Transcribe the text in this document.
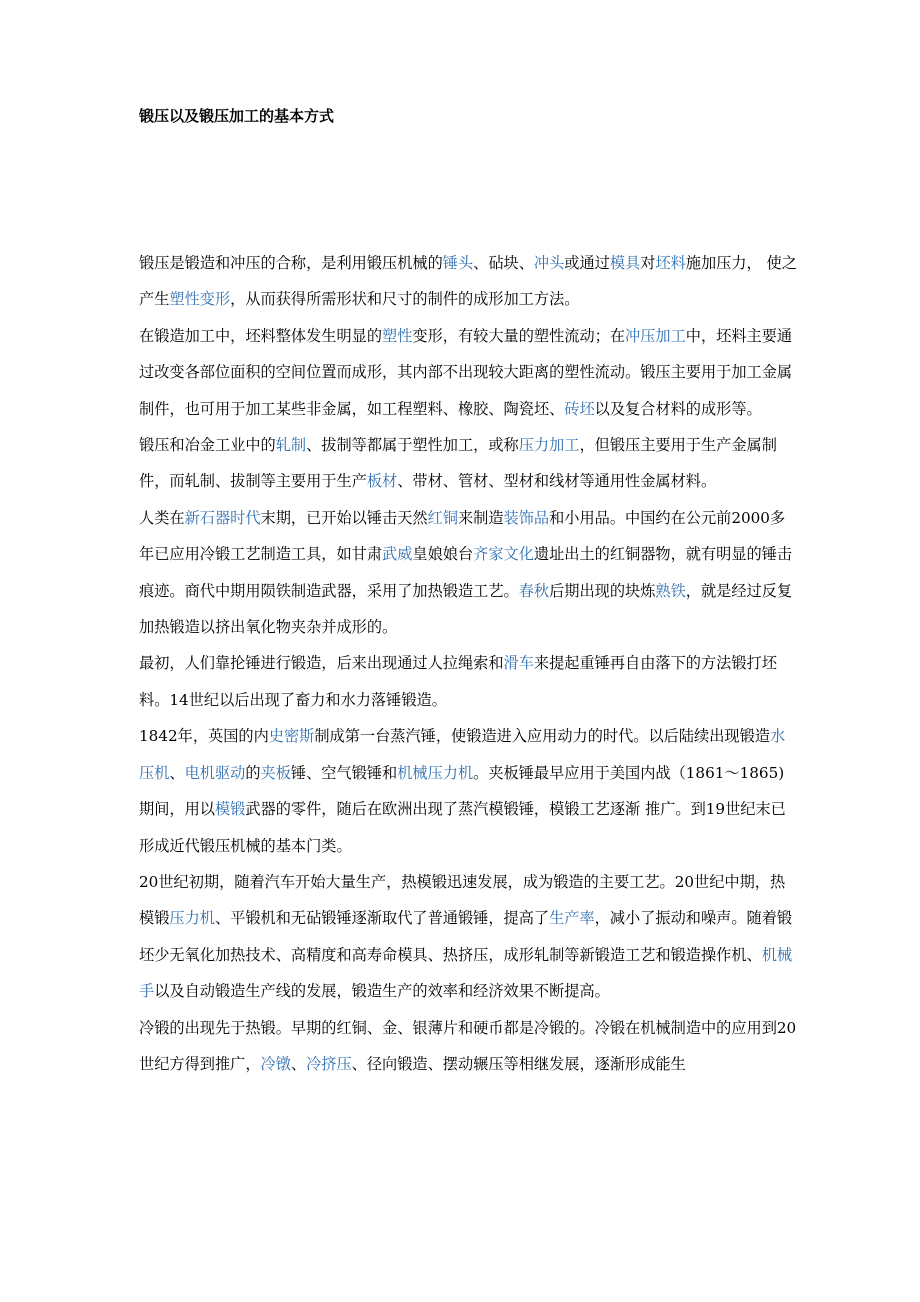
锻压以及锻压加工的基本方式

锻压是锻造和冲压的合称，是利用锻压机械的锤头、砧块、冲头或通过模具对坯料施加压力， 使之产生塑性变形，从而获得所需形状和尺寸的制件的成形加工方法。

在锻造加工中，坯料整体发生明显的塑性变形，有较大量的塑性流动；在冲压加工中，坯料主要通过改变各部位面积的空间位置而成形，其内部不出现较大距离的塑性流动。锻压主要用于加工金属制件，也可用于加工某些非金属，如工程塑料、橡胶、陶瓷坯、砖坯以及复合材料的成形等。

锻压和冶金工业中的轧制、拔制等都属于塑性加工，或称压力加工，但锻压主要用于生产金属制件，而轧制、拔制等主要用于生产板材、带材、管材、型材和线材等通用性金属材料。

人类在新石器时代末期，已开始以锤击天然红铜来制造装饰品和小用品。中国约在公元前2000多年已应用冷锻工艺制造工具，如甘肃武威皇娘娘台齐家文化遗址出土的红铜器物，就有明显的锤击痕迹。商代中期用陨铁制造武器，采用了加热锻造工艺。春秋后期出现的块炼熟铁，就是经过反复加热锻造以挤出氧化物夹杂并成形的。

最初，人们靠抡锤进行锻造，后来出现通过人拉绳索和滑车来提起重锤再自由落下的方法锻打坯料。14世纪以后出现了畜力和水力落锤锻造。

1842年，英国的内史密斯制成第一台蒸汽锤，使锻造进入应用动力的时代。以后陆续出现锻造水压机、电机驱动的夹板锤、空气锻锤和机械压力机。夹板锤最早应用于美国内战（1861～1865)期间，用以模锻武器的零件，随后在欧洲出现了蒸汽模锻锤，模锻工艺逐渐 推广。到19世纪末已形成近代锻压机械的基本门类。

20世纪初期，随着汽车开始大量生产，热模锻迅速发展，成为锻造的主要工艺。20世纪中期，热模锻压力机、平锻机和无砧锻锤逐渐取代了普通锻锤，提高了生产率，减小了振动和噪声。随着锻坯少无氧化加热技术、高精度和高寿命模具、热挤压，成形轧制等新锻造工艺和锻造操作机、机械手以及自动锻造生产线的发展，锻造生产的效率和经济效果不断提高。

冷锻的出现先于热锻。早期的红铜、金、银薄片和硬币都是冷锻的。冷锻在机械制造中的应用到20世纪方得到推广，冷镦、冷挤压、径向锻造、摆动辗压等相继发展，逐渐形成能生
